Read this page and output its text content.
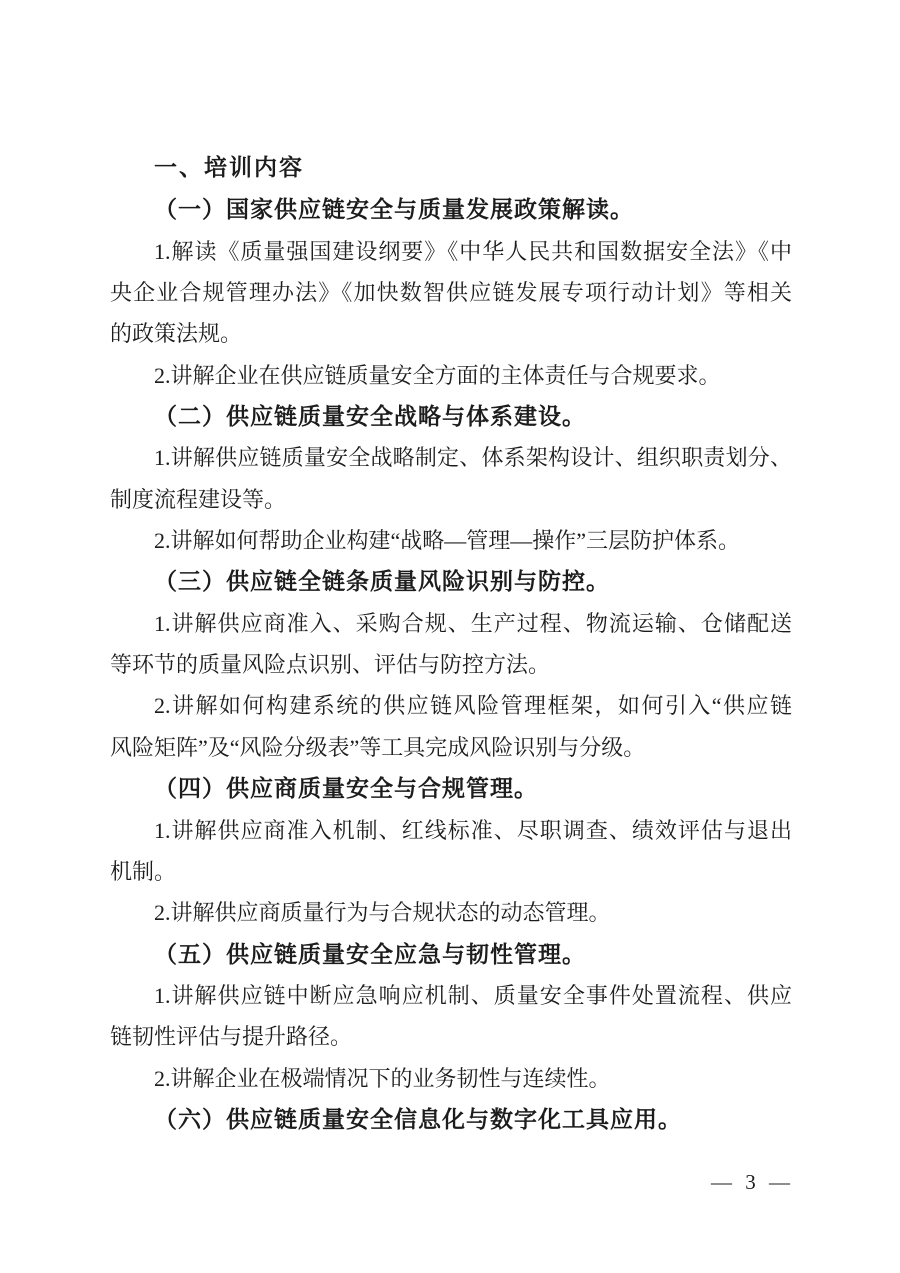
一、培训内容

（一）国家供应链安全与质量发展政策解读。

1.解读《质量强国建设纲要》《中华人民共和国数据安全法》《中
央企业合规管理办法》《加快数智供应链发展专项行动计划》等相关
的政策法规。

2.讲解企业在供应链质量安全方面的主体责任与合规要求。

（二）供应链质量安全战略与体系建设。

1.讲解供应链质量安全战略制定、体系架构设计、组织职责划分、
制度流程建设等。

2.讲解如何帮助企业构建“战略—管理—操作”三层防护体系。

（三）供应链全链条质量风险识别与防控。

1.讲解供应商准入、采购合规、生产过程、物流运输、仓储配送
等环节的质量风险点识别、评估与防控方法。

2.讲解如何构建系统的供应链风险管理框架，如何引入“供应链
风险矩阵”及“风险分级表”等工具完成风险识别与分级。

（四）供应商质量安全与合规管理。

1.讲解供应商准入机制、红线标准、尽职调查、绩效评估与退出
机制。

2.讲解供应商质量行为与合规状态的动态管理。

（五）供应链质量安全应急与韧性管理。

1.讲解供应链中断应急响应机制、质量安全事件处置流程、供应
链韧性评估与提升路径。

2.讲解企业在极端情况下的业务韧性与连续性。

（六）供应链质量安全信息化与数字化工具应用。

— 3 —
